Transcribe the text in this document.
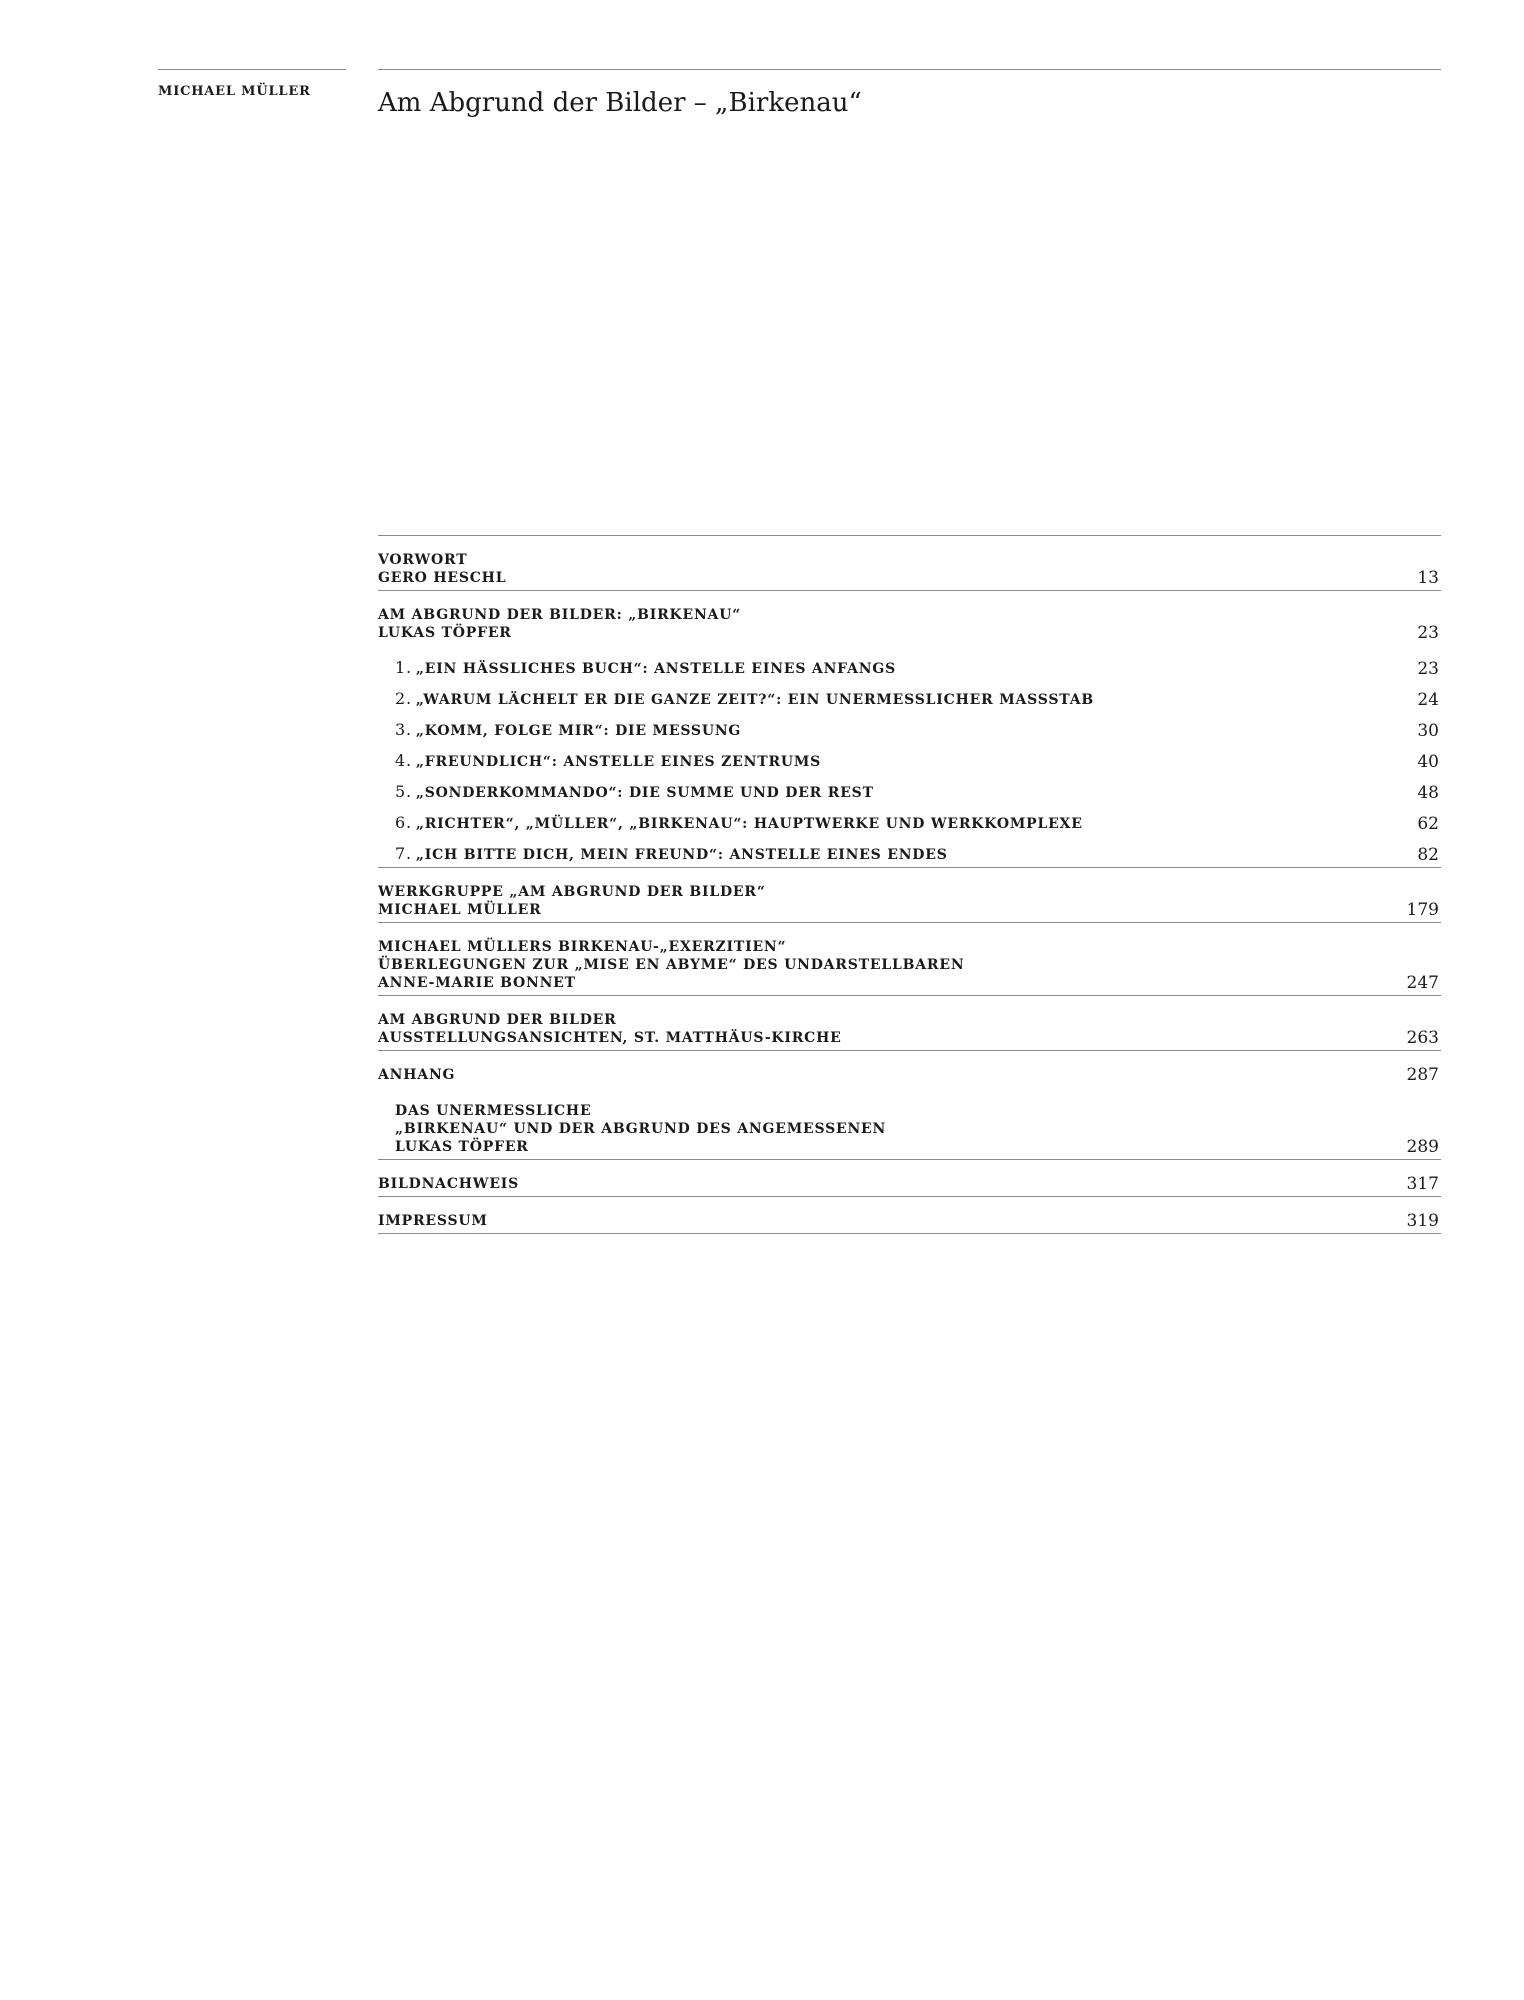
MICHAEL MÜLLER	Am Abgrund der Bilder – „Birkenau“
VORWORT
GERO HESCHL	13
AM ABGRUND DER BILDER: „BIRKENAU“
LUKAS TÖPFER	23
1. „EIN HÄSSLICHES BUCH“: ANSTELLE EINES ANFANGS	23
2. „WARUM LÄCHELT ER DIE GANZE ZEIT?“: EIN UNERMESSLICHER MASSSTAB	24
3. „KOMM, FOLGE MIR“: DIE MESSUNG	30
4. „FREUNDLICH“: ANSTELLE EINES ZENTRUMS	40
5. „SONDERKOMMANDO“: DIE SUMME UND DER REST	48
6. „RICHTER“, „MÜLLER“, „BIRKENAU“: HAUPTWERKE UND WERKKOMPLEXE	62
7. „ICH BITTE DICH, MEIN FREUND“: ANSTELLE EINES ENDES	82
WERKGRUPPE „AM ABGRUND DER BILDER“
MICHAEL MÜLLER	179
MICHAEL MÜLLERS BIRKENAU-„EXERZITIEN“
ÜBERLEGUNGEN ZUR „MISE EN ABYME“ DES UNDARSTELLBAREN
ANNE-MARIE BONNET	247
AM ABGRUND DER BILDER
AUSSTELLUNGSANSICHTEN, ST. MATTHÄUS-KIRCHE	263
ANHANG	287
DAS UNERMESSLICHE
„BIRKENAU“ UND DER ABGRUND DES ANGEMESSENEN
LUKAS TÖPFER	289
BILDNACHWEIS	317
IMPRESSUM	319
